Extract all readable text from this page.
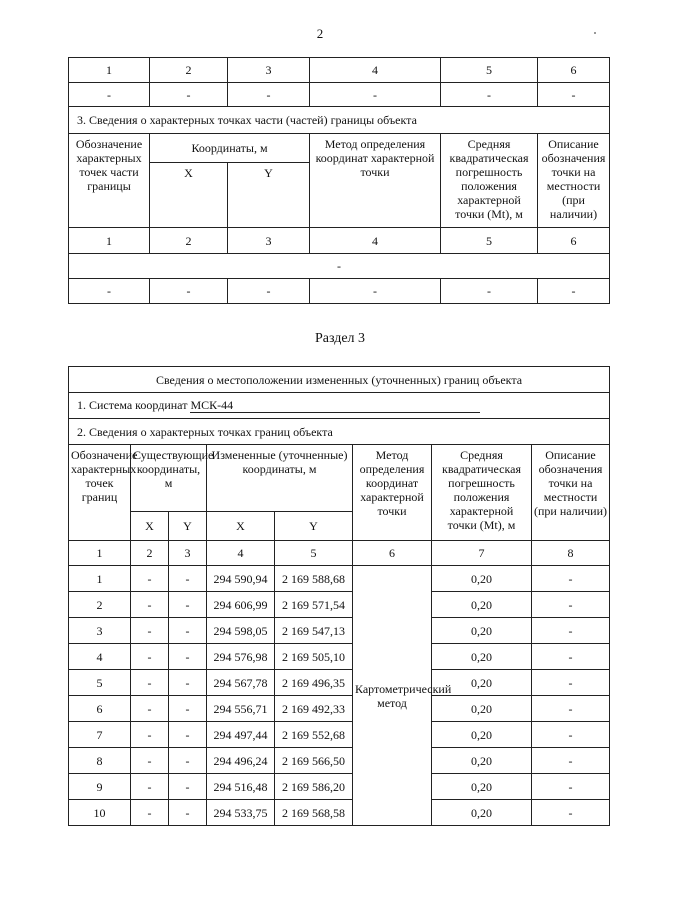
2
1	2	3	4	5	6
-	-	-	-	-	-
3. Сведения о характерных точках части (частей) границы объекта					
Обозначение характерных точек части границы	Координаты, м		Метод определения координат характерной точки	Средняя квадратическая погрешность положения характерной точки (Mt), м	Описание обозначения точки на местности (при наличии)
	X	Y			
1	2	3	4	5	6
-					
-	-	-	-	-	-
Раздел 3
Сведения о местоположении измененных (уточненных) границ объекта							
1. Система координат МСК-44							
2. Сведения о характерных точках границ объекта							
Обозначение характерных точек границ	Существующие координаты, м		Измененные (уточненные) координаты, м		Метод определения координат характерной точки	Средняя квадратическая погрешность положения характерной точки (Mt), м	Описание обозначения точки на местности (при наличии)
	X	Y	X	Y			
1	2	3	4	5	6	7	8
1	-	-	294 590,94	2 169 588,68	Картометрический метод	0,20	-
2	-	-	294 606,99	2 169 571,54		0,20	-
3	-	-	294 598,05	2 169 547,13		0,20	-
4	-	-	294 576,98	2 169 505,10		0,20	-
5	-	-	294 567,78	2 169 496,35		0,20	-
6	-	-	294 556,71	2 169 492,33		0,20	-
7	-	-	294 497,44	2 169 552,68		0,20	-
8	-	-	294 496,24	2 169 566,50		0,20	-
9	-	-	294 516,48	2 169 586,20		0,20	-
10	-	-	294 533,75	2 169 568,58		0,20	-
